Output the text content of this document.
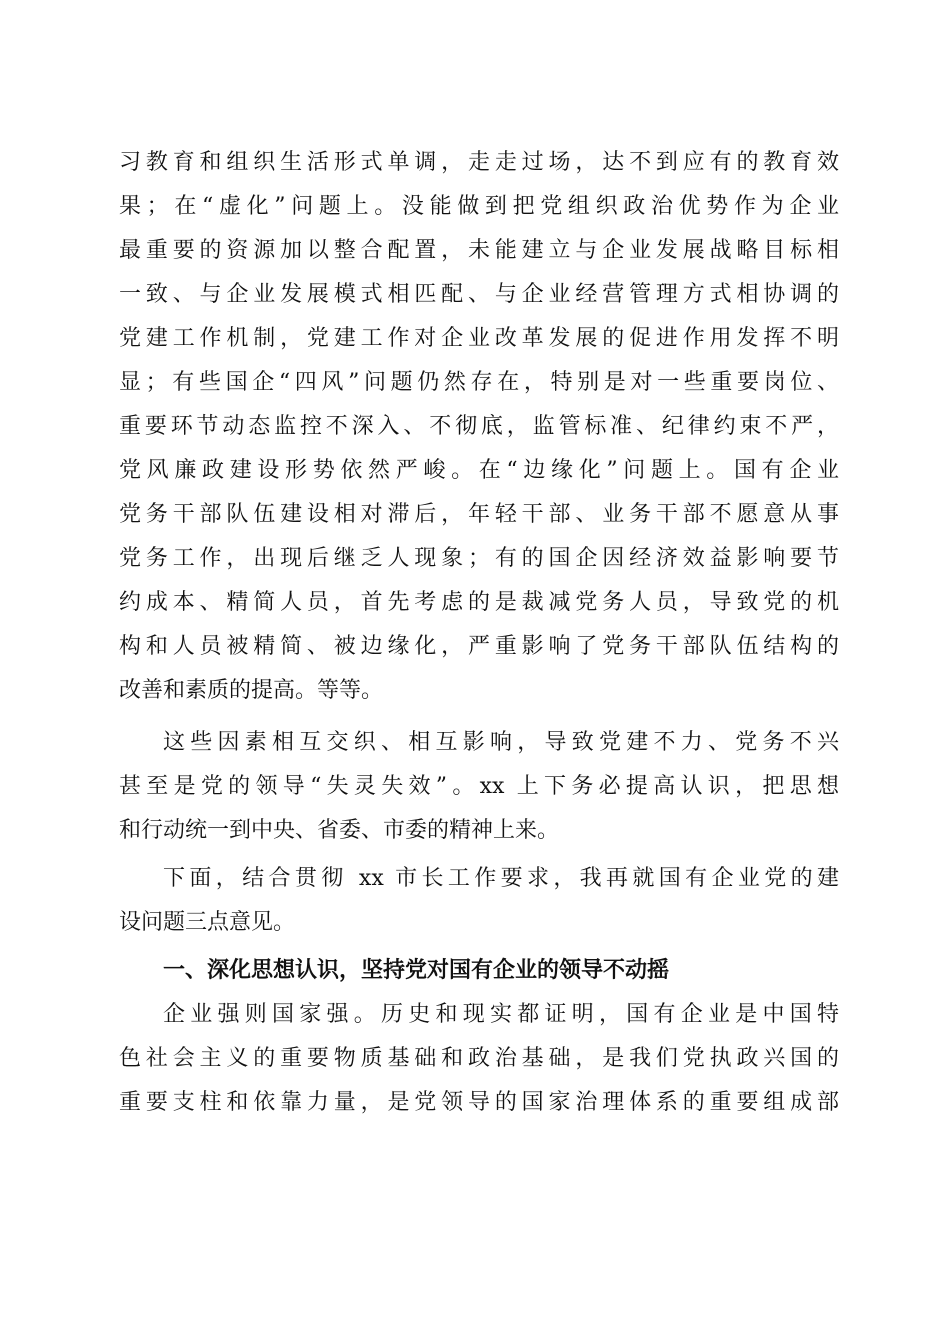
习教育和组织生活形式单调，走走过场，达不到应有的教育效
果；在“虚化”问题上。没能做到把党组织政治优势作为企业
最重要的资源加以整合配置，未能建立与企业发展战略目标相
一致、与企业发展模式相匹配、与企业经营管理方式相协调的
党建工作机制，党建工作对企业改革发展的促进作用发挥不明
显；有些国企“四风”问题仍然存在，特别是对一些重要岗位、
重要环节动态监控不深入、不彻底，监管标准、纪律约束不严，
党风廉政建设形势依然严峻。在“边缘化”问题上。国有企业
党务干部队伍建设相对滞后，年轻干部、业务干部不愿意从事
党务工作，出现后继乏人现象；有的国企因经济效益影响要节
约成本、精简人员，首先考虑的是裁减党务人员，导致党的机
构和人员被精简、被边缘化，严重影响了党务干部队伍结构的
改善和素质的提高。等等。
这些因素相互交织、相互影响，导致党建不力、党务不兴
甚至是党的领导“失灵失效”。xx 上下务必提高认识，把思想
和行动统一到中央、省委、市委的精神上来。
下面，结合贯彻 xx 市长工作要求，我再就国有企业党的建
设问题三点意见。
一、深化思想认识，坚持党对国有企业的领导不动摇
企业强则国家强。历史和现实都证明，国有企业是中国特
色社会主义的重要物质基础和政治基础，是我们党执政兴国的
重要支柱和依靠力量，是党领导的国家治理体系的重要组成部
